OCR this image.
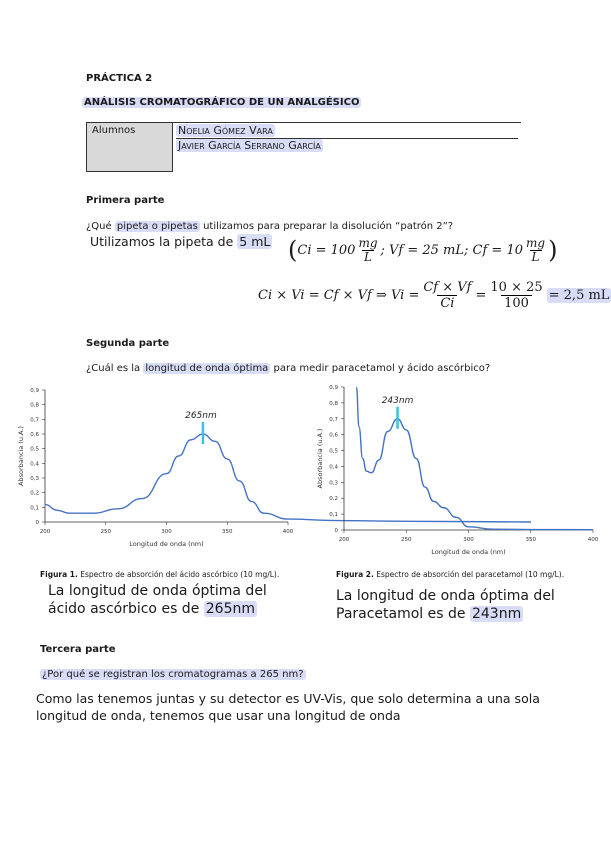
PRÁCTICA 2
ANÁLISIS CROMATOGRÁFICO DE UN ANALGÉSICO
Alumnos	Noelia Gómez Vara
Javier García Serrano García
Primera parte
¿Qué pipeta o pipetas utilizamos para preparar la disolución “patrón 2”?
Utilizamos la pipeta de 5 mL ( Ci = 100 mg
L ; Vf = 25 mL; Cf = 10 mg
L )
Ci × Vi = Cf × Vf ⇒ $Vi = \frac{Cf \times Vf}{Ci} = \frac{10 \times 25}{100} = 2,5$ mL
Segunda parte
¿Cuál es la longitud de onda óptima para medir paracetamol y ácido ascórbico?
0
0,1
0,2
0,3
0,4
0,5
0,6
0,7
0,8
0,9
200	250	300	350	400
Longitud de onda (nm)
Absorbancia (u.A.)
265nm
0
0,1
0,2
0,3
0,4
0,5
0,6
0,7
0,8
0,9
200	250	300	350	400
Longitud de onda (nm)
Absorbancia (u.A.)
243nm
Figura 1. Espectro de absorción del ácido ascórbico (10 mg/L).	Figura 2. Espectro de absorción del paracetamol (10 mg/L).
La longitud de onda óptima del
ácido ascórbico es de 265nm
La longitud de onda óptima del
Paracetamol es de 243nm
Tercera parte
¿Por qué se registran los cromatogramas a 265 nm?
Como las tenemos juntas y su detector es UV-Vis, que solo determina a una sola longitud de onda, tenemos que usar una longitud de onda
